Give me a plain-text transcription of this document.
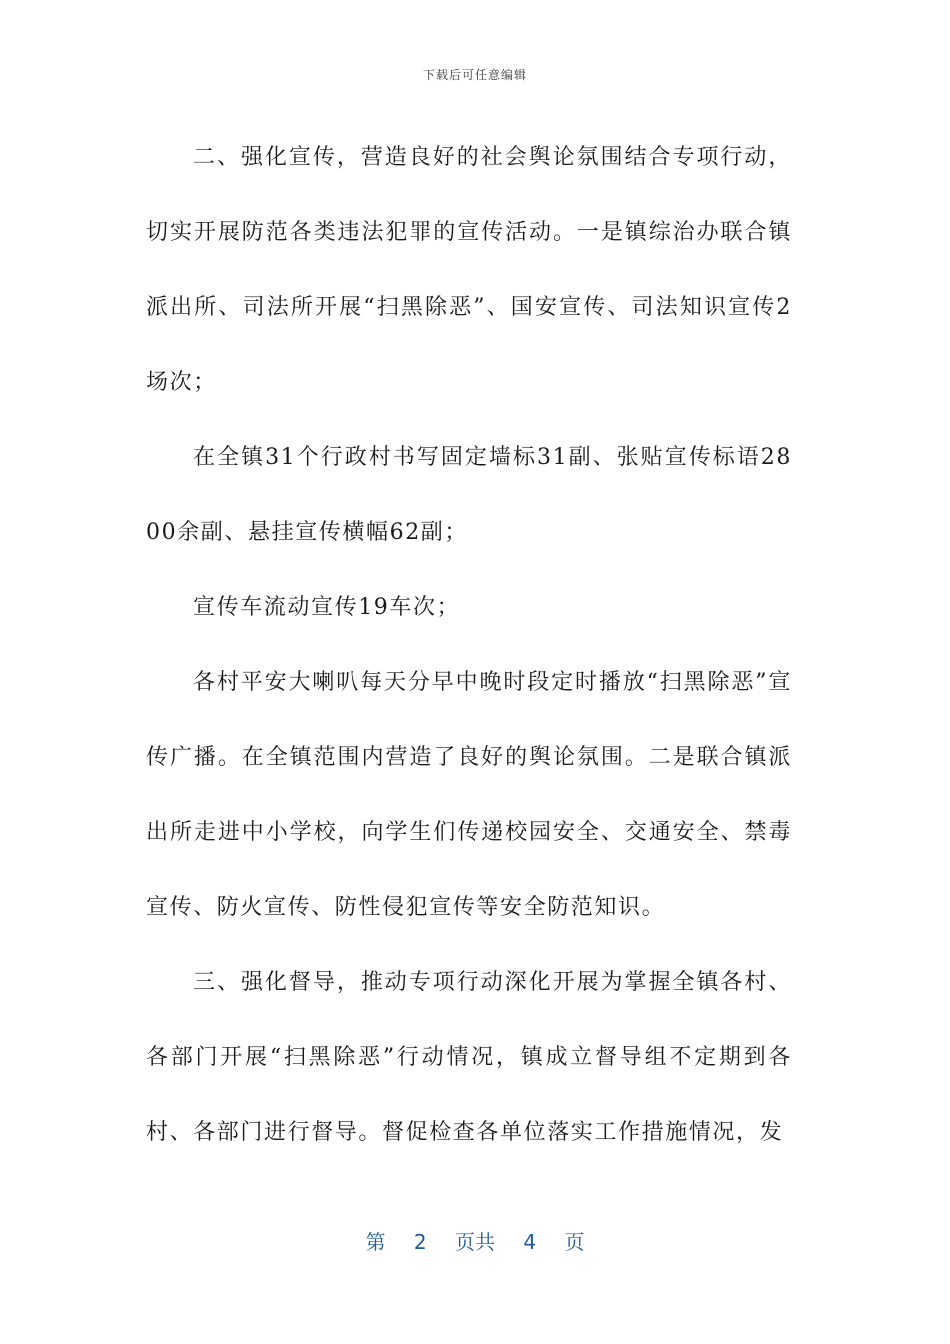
下载后可任意编辑

二、强化宣传，营造良好的社会舆论氛围结合专项行动，切实开展防范各类违法犯罪的宣传活动。一是镇综治办联合镇派出所、司法所开展“扫黑除恶”、国安宣传、司法知识宣传2场次；

在全镇31个行政村书写固定墙标31副、张贴宣传标语2800余副、悬挂宣传横幅62副；

宣传车流动宣传19车次；

各村平安大喇叭每天分早中晚时段定时播放“扫黑除恶”宣传广播。在全镇范围内营造了良好的舆论氛围。二是联合镇派出所走进中小学校，向学生们传递校园安全、交通安全、禁毒宣传、防火宣传、防性侵犯宣传等安全防范知识。

三、强化督导，推动专项行动深化开展为掌握全镇各村、各部门开展“扫黑除恶”行动情况，镇成立督导组不定期到各村、各部门进行督导。督促检查各单位落实工作措施情况，发

第 2 页共 4 页
